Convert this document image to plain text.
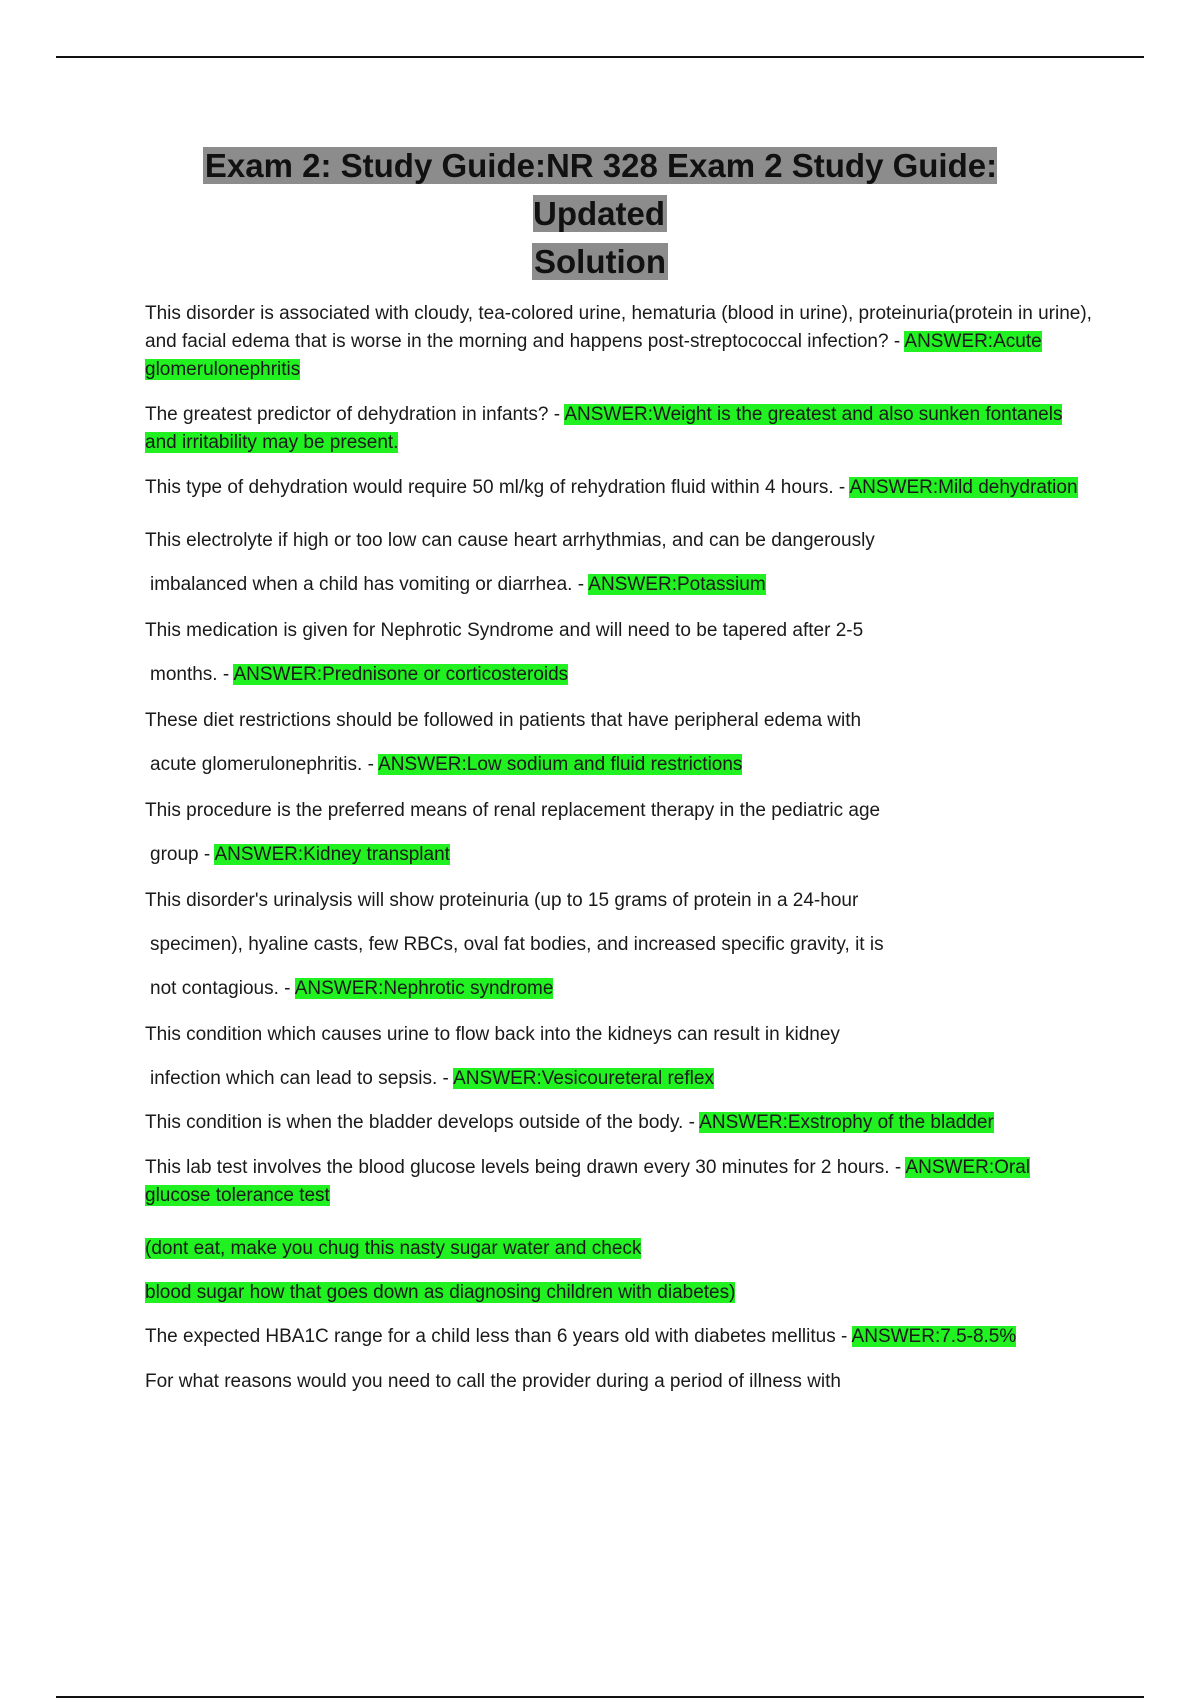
Exam 2: Study Guide:NR 328 Exam 2 Study Guide: Updated
Solution

This disorder is associated with cloudy, tea-colored urine, hematuria (blood in urine), proteinuria(protein in urine), and facial edema that is worse in the morning and happens post-streptococcal infection? - ANSWER:Acute glomerulonephritis

The greatest predictor of dehydration in infants? - ANSWER:Weight is the greatest and also sunken fontanels and irritability may be present.

This type of dehydration would require 50 ml/kg of rehydration fluid within 4 hours. - ANSWER:Mild dehydration

This electrolyte if high or too low can cause heart arrhythmias, and can be dangerously
imbalanced when a child has vomiting or diarrhea. - ANSWER:Potassium

This medication is given for Nephrotic Syndrome and will need to be tapered after 2-5
months. - ANSWER:Prednisone or corticosteroids

These diet restrictions should be followed in patients that have peripheral edema with
acute glomerulonephritis. - ANSWER:Low sodium and fluid restrictions

This procedure is the preferred means of renal replacement therapy in the pediatric age
group - ANSWER:Kidney transplant

This disorder's urinalysis will show proteinuria (up to 15 grams of protein in a 24-hour
specimen), hyaline casts, few RBCs, oval fat bodies, and increased specific gravity, it is
not contagious. - ANSWER:Nephrotic syndrome

This condition which causes urine to flow back into the kidneys can result in kidney
infection which can lead to sepsis. - ANSWER:Vesicoureteral reflex

This condition is when the bladder develops outside of the body. - ANSWER:Exstrophy of the bladder

This lab test involves the blood glucose levels being drawn every 30 minutes for 2 hours. - ANSWER:Oral glucose tolerance test

(dont eat, make you chug this nasty sugar water and check
blood sugar how that goes down as diagnosing children with diabetes)

The expected HBA1C range for a child less than 6 years old with diabetes mellitus - ANSWER:7.5-8.5%

For what reasons would you need to call the provider during a period of illness with
